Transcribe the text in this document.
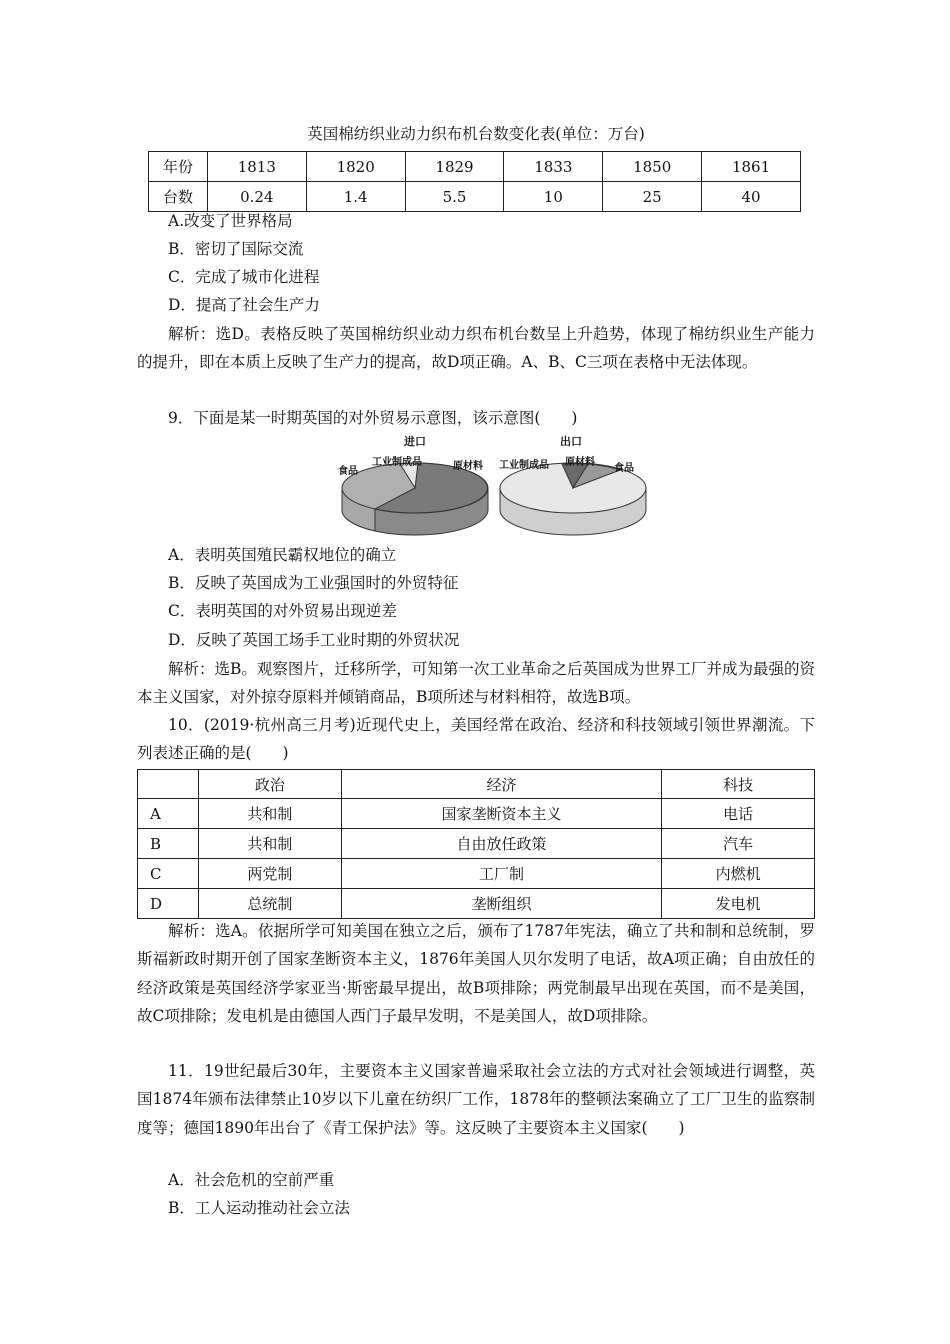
英国棉纺织业动力织布机台数变化表(单位：万台)
年份	1813	1820	1829	1833	1850	1861
台数	0.24	1.4	5.5	10	25	40
A.改变了世界格局
B．密切了国际交流
C．完成了城市化进程
D．提高了社会生产力
解析：选D。表格反映了英国棉纺织业动力织布机台数呈上升趋势，体现了棉纺织业生产能力的提升，即在本质上反映了生产力的提高，故D项正确。A、B、C三项在表格中无法体现。
9．下面是某一时期英国的对外贸易示意图，该示意图(　　)
进口
食品
工业制成品	原材料
出口
工业制成品 原材料
食品
A．表明英国殖民霸权地位的确立
B．反映了英国成为工业强国时的外贸特征
C．表明英国的对外贸易出现逆差
D．反映了英国工场手工业时期的外贸状况
解析：选B。观察图片，迁移所学，可知第一次工业革命之后英国成为世界工厂并成为最强的资本主义国家，对外掠夺原料并倾销商品，B项所述与材料相符，故选B项。
10．(2019·杭州高三月考)近现代史上，美国经常在政治、经济和科技领域引领世界潮流。下列表述正确的是(　　)
	政治	经济	科技
A	共和制	国家垄断资本主义	电话
B	共和制	自由放任政策	汽车
C	两党制	工厂制	内燃机
D	总统制	垄断组织	发电机
解析：选A。依据所学可知美国在独立之后，颁布了1787年宪法，确立了共和制和总统制，罗斯福新政时期开创了国家垄断资本主义，1876年美国人贝尔发明了电话，故A项正确；自由放任的经济政策是英国经济学家亚当·斯密最早提出，故B项排除；两党制最早出现在英国，而不是美国，故C项排除；发电机是由德国人西门子最早发明，不是美国人，故D项排除。
11．19世纪最后30年，主要资本主义国家普遍采取社会立法的方式对社会领域进行调整，英国1874年颁布法律禁止10岁以下儿童在纺织厂工作，1878年的整顿法案确立了工厂卫生的监察制度等；德国1890年出台了《青工保护法》等。这反映了主要资本主义国家(　　)
A．社会危机的空前严重
B．工人运动推动社会立法
